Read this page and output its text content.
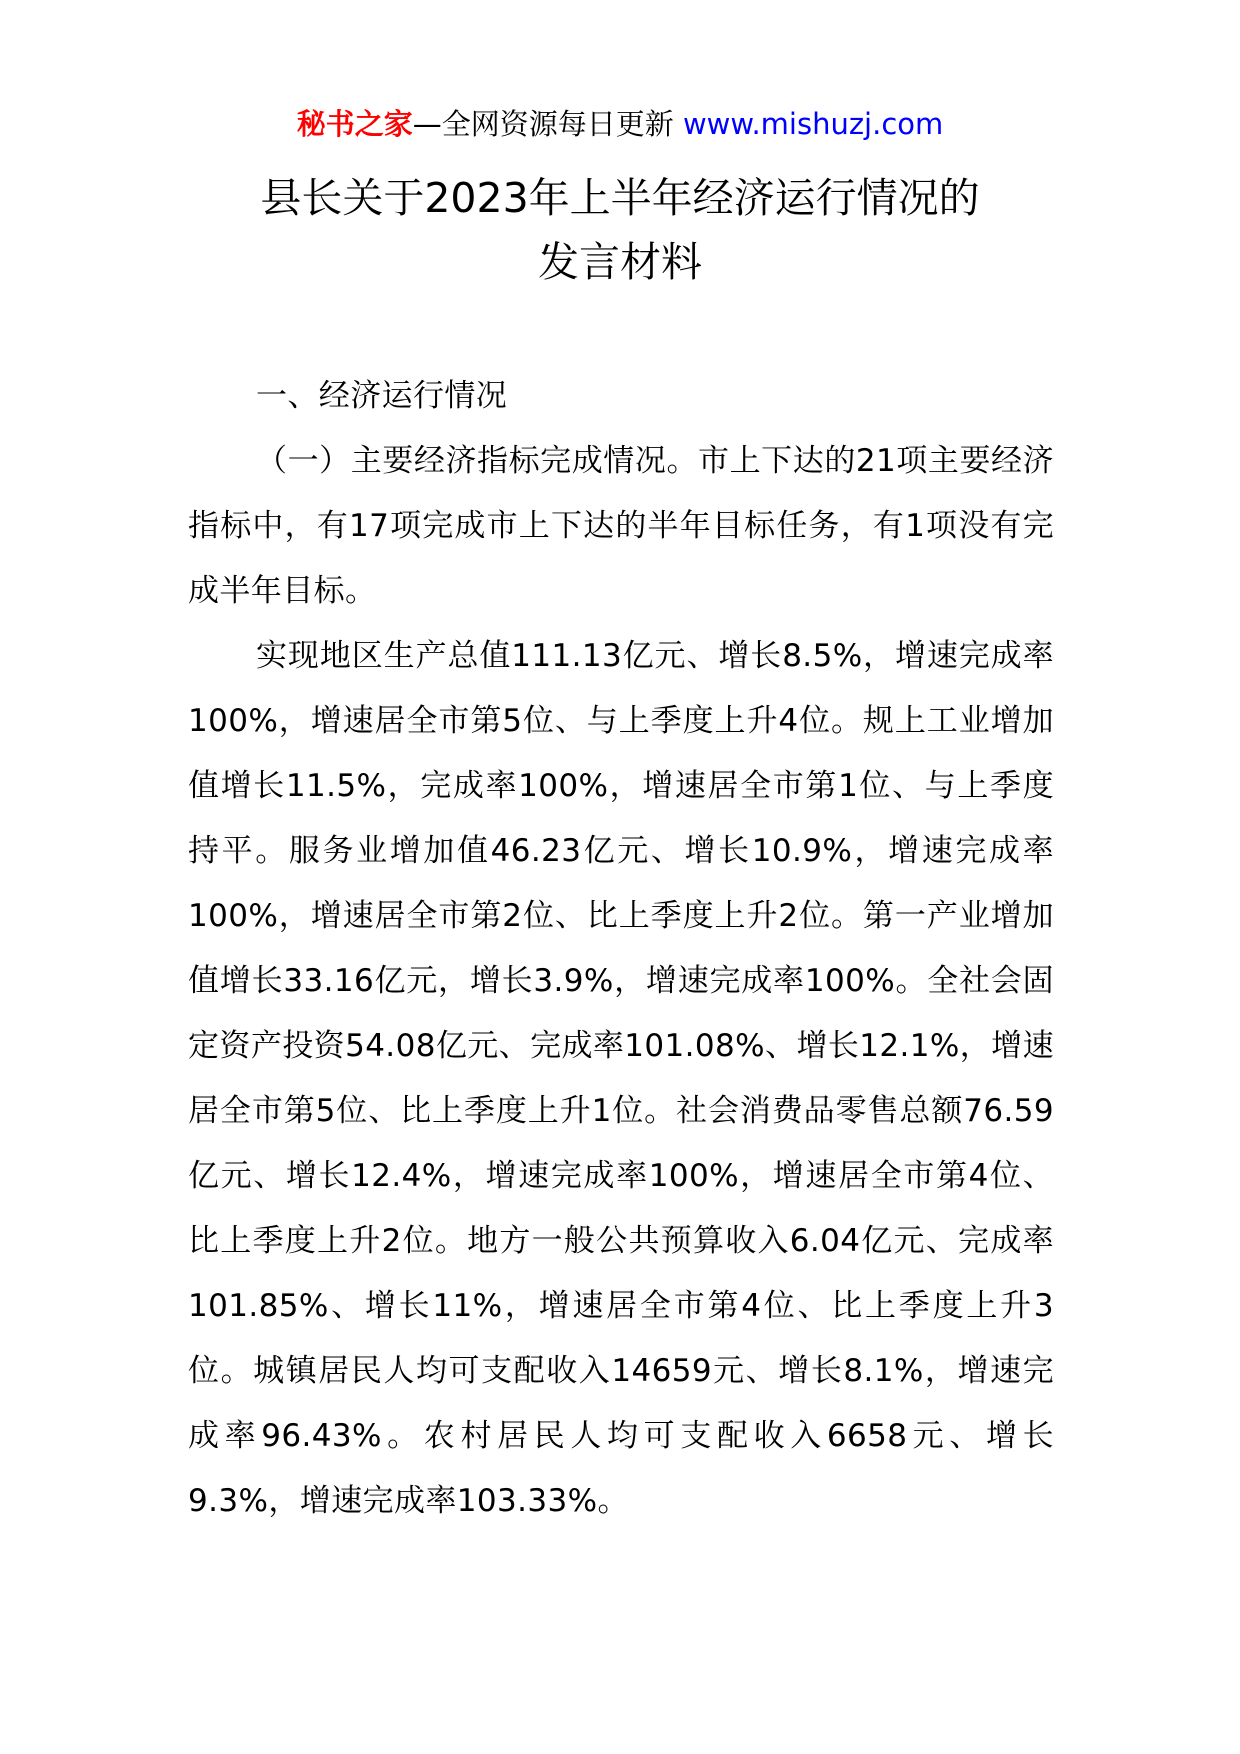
秘书之家—全网资源每日更新 www.mishuzj.com
县长关于2023年上半年经济运行情况的
发言材料
一、经济运行情况

（一）主要经济指标完成情况。市上下达的21项主要经济指标中，有17项完成市上下达的半年目标任务，有1项没有完成半年目标。

实现地区生产总值111.13亿元、增长8.5%，增速完成率100%，增速居全市第5位、与上季度上升4位。规上工业增加值增长11.5%，完成率100%，增速居全市第1位、与上季度持平。服务业增加值46.23亿元、增长10.9%，增速完成率100%，增速居全市第2位、比上季度上升2位。第一产业增加值增长33.16亿元，增长3.9%，增速完成率100%。全社会固定资产投资54.08亿元、完成率101.08%、增长12.1%，增速居全市第5位、比上季度上升1位。社会消费品零售总额76.59亿元、增长12.4%，增速完成率100%，增速居全市第4位、比上季度上升2位。地方一般公共预算收入6.04亿元、完成率101.85%、增长11%，增速居全市第4位、比上季度上升3位。城镇居民人均可支配收入14659元、增长8.1%，增速完成率96.43%。农村居民人均可支配收入6658元、增长9.3%，增速完成率103.33%。
